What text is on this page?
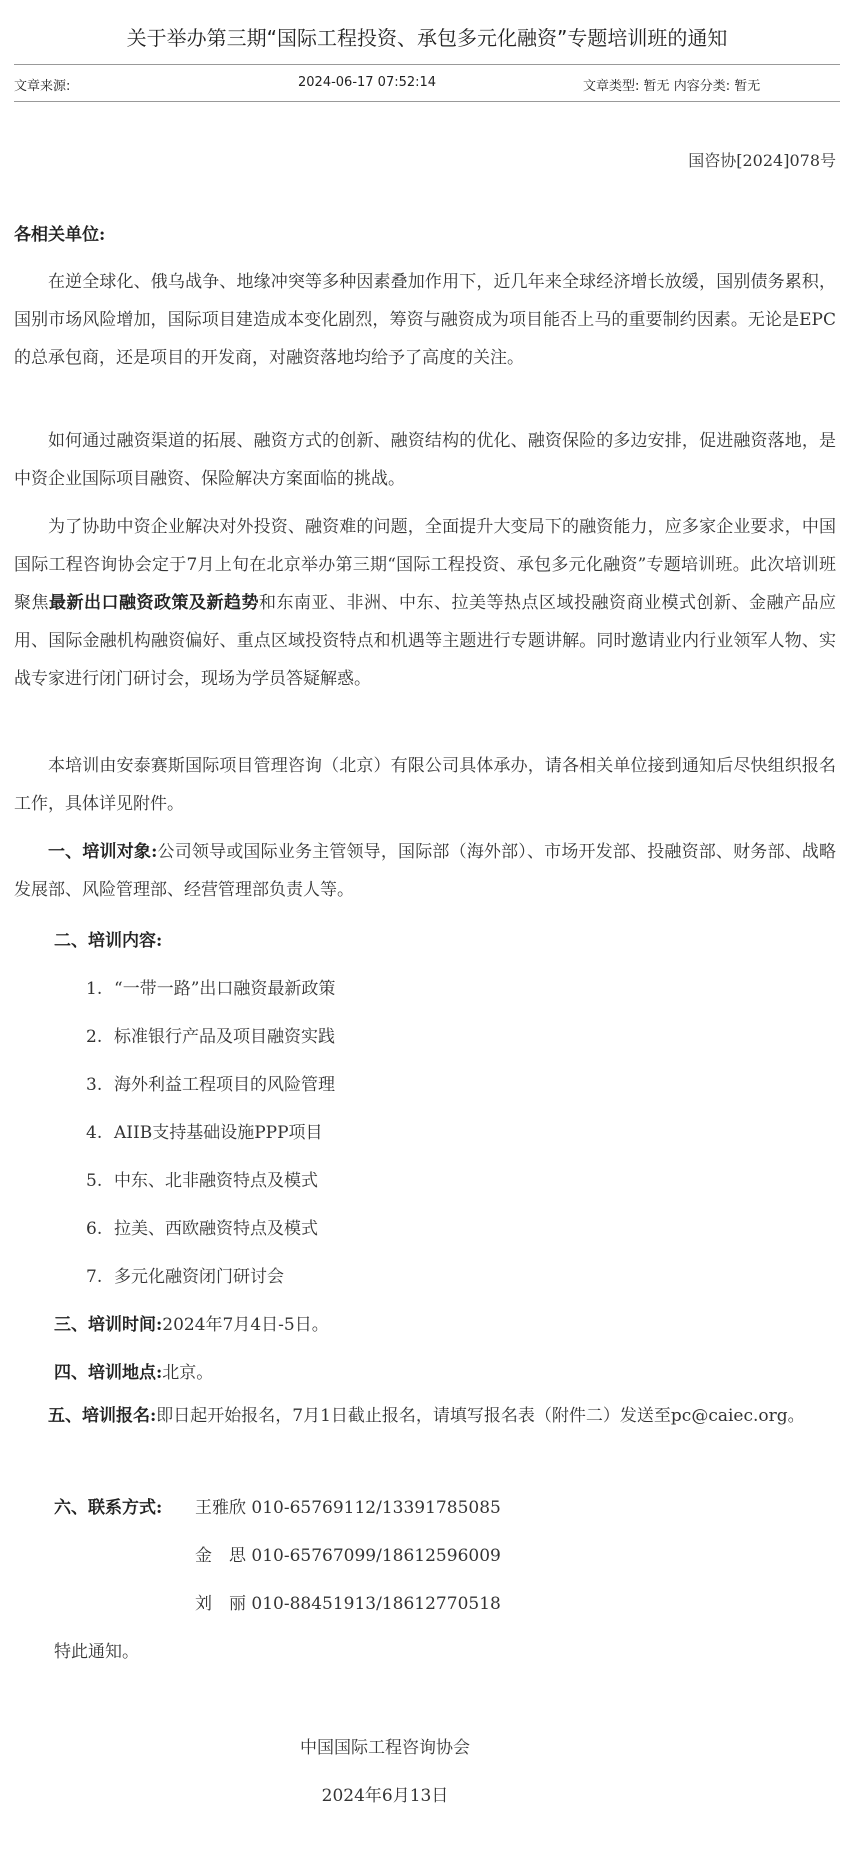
关于举办第三期“国际工程投资、承包多元化融资”专题培训班的通知
文章来源:	2024-06-17 07:52:14	文章类型: 暂无 内容分类: 暂无
国咨协[2024]078号
各相关单位:

在逆全球化、俄乌战争、地缘冲突等多种因素叠加作用下，近几年来全球经济增长放缓，国别债务累积，国别市场风险增加，国际项目建造成本变化剧烈，筹资与融资成为项目能否上马的重要制约因素。无论是EPC的总承包商，还是项目的开发商，对融资落地均给予了高度的关注。

如何通过融资渠道的拓展、融资方式的创新、融资结构的优化、融资保险的多边安排，促进融资落地，是中资企业国际项目融资、保险解决方案面临的挑战。

为了协助中资企业解决对外投资、融资难的问题，全面提升大变局下的融资能力，应多家企业要求，中国国际工程咨询协会定于7月上旬在北京举办第三期“国际工程投资、承包多元化融资”专题培训班。此次培训班聚焦最新出口融资政策及新趋势和东南亚、非洲、中东、拉美等热点区域投融资商业模式创新、金融产品应用、国际金融机构融资偏好、重点区域投资特点和机遇等主题进行专题讲解。同时邀请业内行业领军人物、实战专家进行闭门研讨会，现场为学员答疑解惑。

本培训由安泰赛斯国际项目管理咨询（北京）有限公司具体承办，请各相关单位接到通知后尽快组织报名工作，具体详见附件。

一、培训对象:公司领导或国际业务主管领导，国际部（海外部）、市场开发部、投融资部、财务部、战略发展部、风险管理部、经营管理部负责人等。

二、培训内容:
1. “一带一路”出口融资最新政策
2. 标准银行产品及项目融资实践
3. 海外利益工程项目的风险管理
4. AIIB支持基础设施PPP项目
5. 中东、北非融资特点及模式
6. 拉美、西欧融资特点及模式
7. 多元化融资闭门研讨会
三、培训时间:2024年7月4日-5日。
四、培训地点:北京。

五、培训报名:即日起开始报名，7月1日截止报名，请填写报名表（附件二）发送至pc@caiec.org。

六、联系方式: 王雅欣 010-65769112/13391785085
金　思 010-65767099/18612596009
刘　丽 010-88451913/18612770518
特此通知。
中国国际工程咨询协会
2024年6月13日
